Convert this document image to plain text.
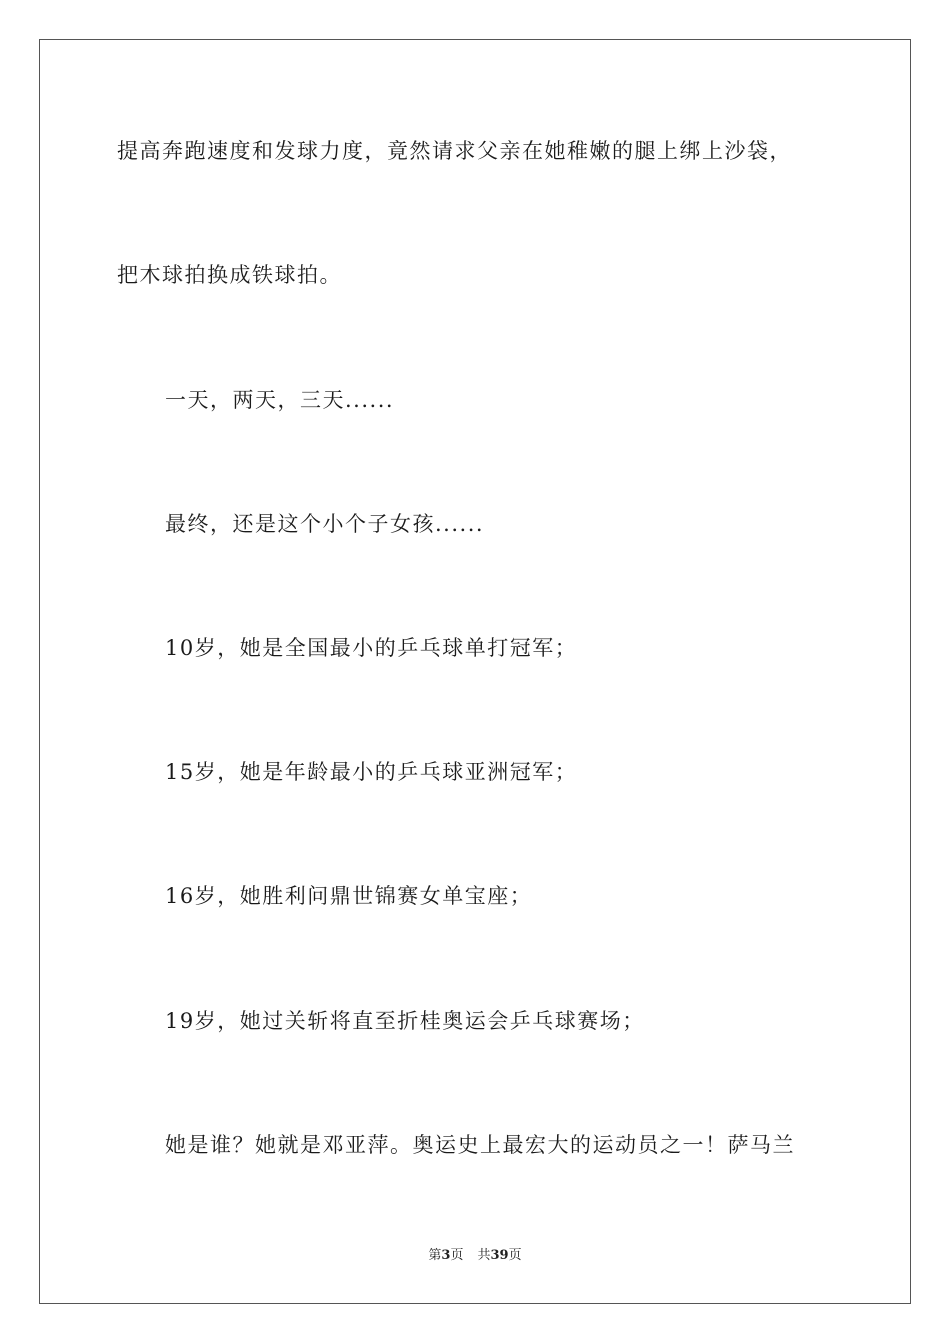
提高奔跑速度和发球力度，竟然请求父亲在她稚嫩的腿上绑上沙袋，
把木球拍换成铁球拍。
一天，两天，三天......
最终，还是这个小个子女孩......
10岁，她是全国最小的乒乓球单打冠军；
15岁，她是年龄最小的乒乓球亚洲冠军；
16岁，她胜利问鼎世锦赛女单宝座；
19岁，她过关斩将直至折桂奥运会乒乓球赛场；
她是谁？她就是邓亚萍。奥运史上最宏大的运动员之一！萨马兰
第3页 共39页
